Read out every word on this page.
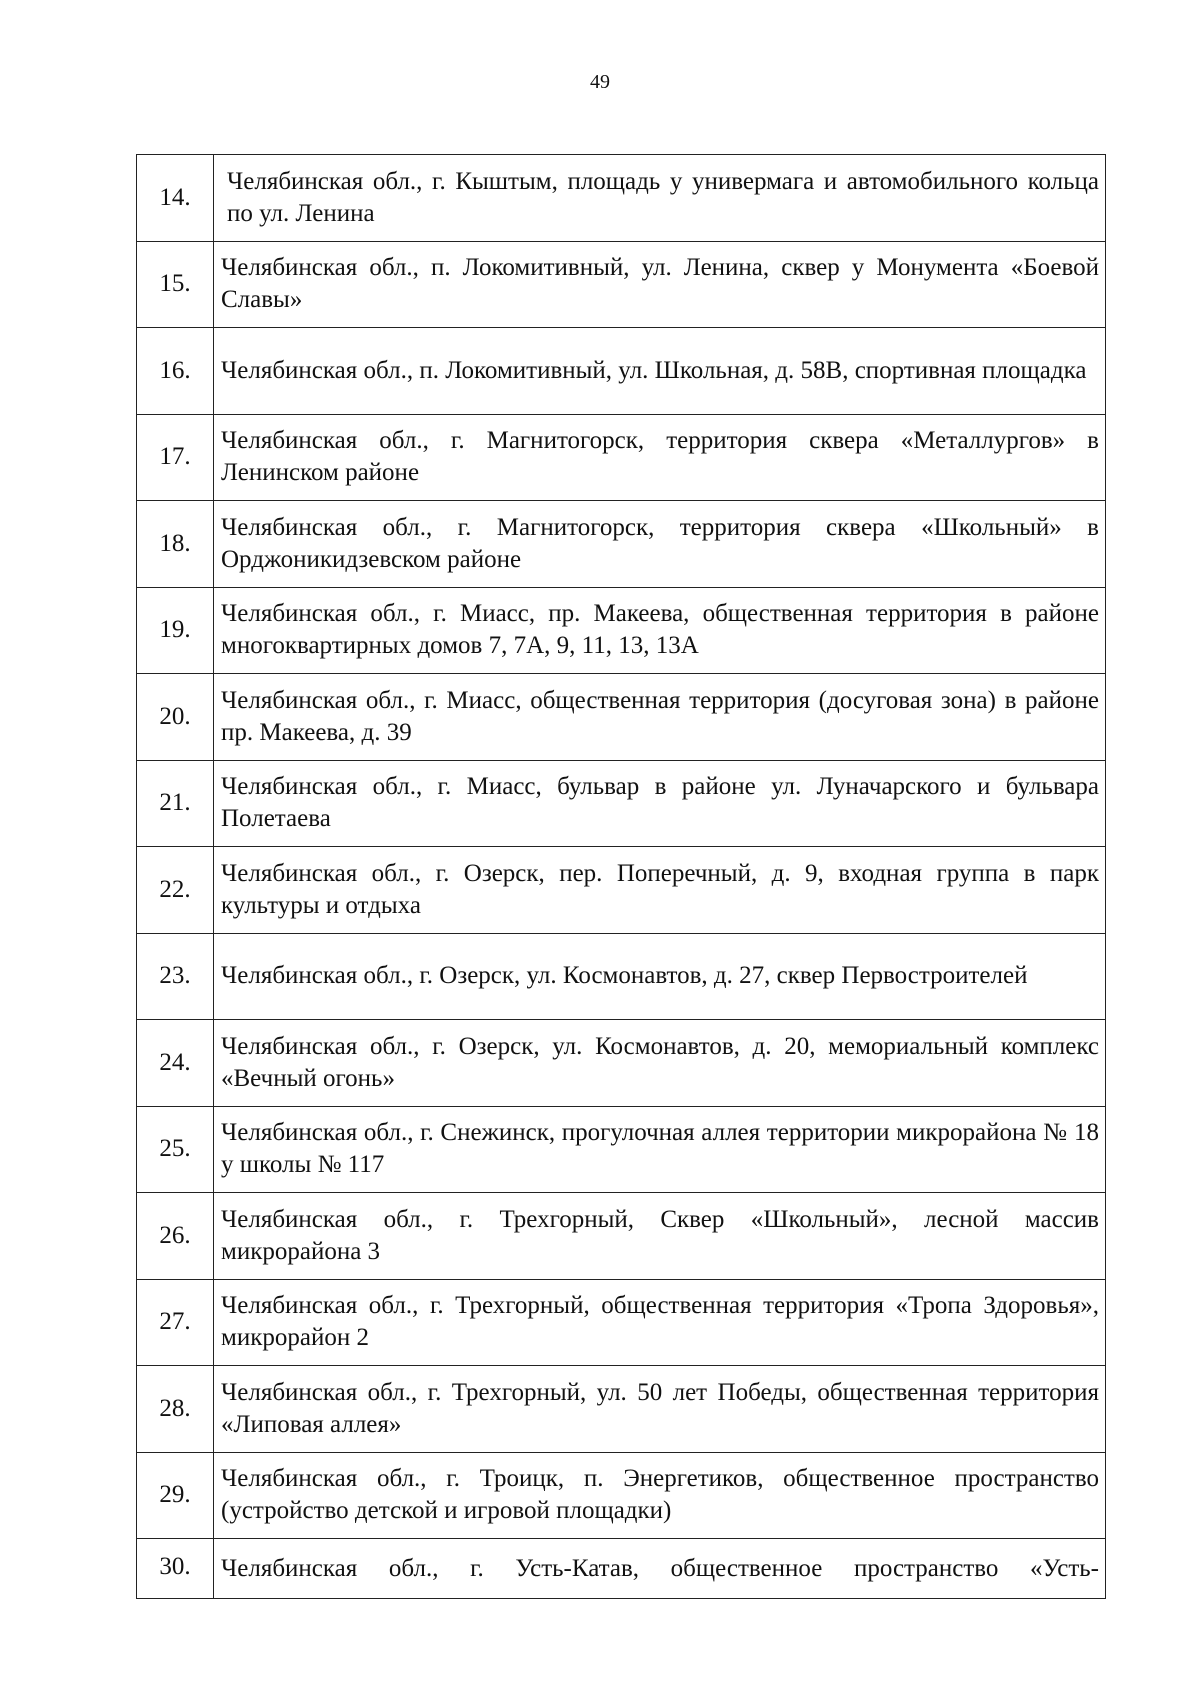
49
14.	Челябинская обл., г. Кыштым, площадь у универмага и автомобильного кольца по ул. Ленина
15.	Челябинская обл., п. Локомитивный, ул. Ленина, сквер у Монумента «Боевой Славы»
16.	Челябинская обл., п. Локомитивный, ул. Школьная, д. 58В, спортивная площадка
17.	Челябинская обл., г. Магнитогорск, территория сквера «Металлургов» в Ленинском районе
18.	Челябинская обл., г. Магнитогорск, территория сквера «Школьный» в Орджоникидзевском районе
19.	Челябинская обл., г. Миасс, пр. Макеева, общественная территория в районе многоквартирных домов 7, 7А, 9, 11, 13, 13А
20.	Челябинская обл., г. Миасс, общественная территория (досуговая зона) в районе пр. Макеева, д. 39
21.	Челябинская обл., г. Миасс, бульвар в районе ул. Луначарского и бульвара Полетаева
22.	Челябинская обл., г. Озерск, пер. Поперечный, д. 9, входная группа в парк культуры и отдыха
23.	Челябинская обл., г. Озерск, ул. Космонавтов, д. 27, сквер Первостроителей
24.	Челябинская обл., г. Озерск, ул. Космонавтов, д. 20, мемориальный комплекс «Вечный огонь»
25.	Челябинская обл., г. Снежинск, прогулочная аллея территории микрорайона № 18 у школы № 117
26.	Челябинская обл., г. Трехгорный, Сквер «Школьный», лесной массив микрорайона 3
27.	Челябинская обл., г. Трехгорный, общественная территория «Тропа Здоровья», микрорайон 2
28.	Челябинская обл., г. Трехгорный, ул. 50 лет Победы, общественная территория «Липовая аллея»
29.	Челябинская обл., г. Троицк, п. Энергетиков, общественное пространство (устройство детской и игровой площадки)
30.	Челябинская обл., г. Усть-Катав, общественное пространство «Усть-
